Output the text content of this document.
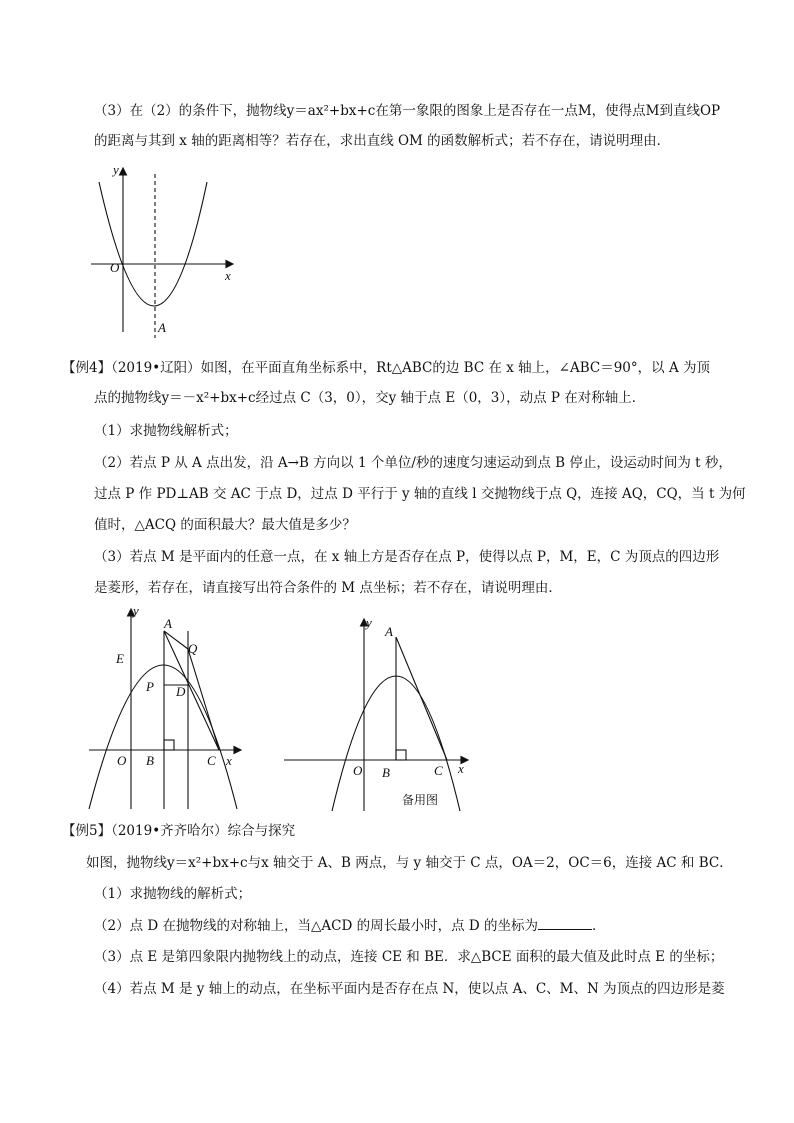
（3）在（2）的条件下，抛物线y＝ax²+bx+c在第一象限的图象上是否存在一点M，使得点M到直线OP
的距离与其到 x 轴的距离相等？若存在，求出直线 OM 的函数解析式；若不存在，请说明理由．
y
x
O
A
【例4】（2019•辽阳）如图，在平面直角坐标系中，Rt△ABC的边 BC 在 x 轴上，∠ABC＝90°，以 A 为顶
点的抛物线y＝－x²+bx+c经过点 C（3，0），交y 轴于点 E（0，3），动点 P 在对称轴上．
（1）求抛物线解析式；
（2）若点 P 从 A 点出发，沿 A→B 方向以 1 个单位/秒的速度匀速运动到点 B 停止，设运动时间为 t 秒，
过点 P 作 PD⊥AB 交 AC 于点 D，过点 D 平行于 y 轴的直线 l 交抛物线于点 Q，连接 AQ，CQ，当 t 为何
值时，△ACQ 的面积最大？最大值是多少？
（3）若点 M 是平面内的任意一点，在 x 轴上方是否存在点 P，使得以点 P，M，E，C 为顶点的四边形
是菱形，若存在，请直接写出符合条件的 M 点坐标；若不存在，请说明理由．
y
A
Q
E
P D
O B	C x
y
A
O B	C x
备用图
【例5】（2019•齐齐哈尔）综合与探究
如图，抛物线y＝x²+bx+c与x 轴交于 A、B 两点，与 y 轴交于 C 点，OA＝2，OC＝6，连接 AC 和 BC．
（1）求抛物线的解析式；
（2）点 D 在抛物线的对称轴上，当△ACD 的周长最小时，点 D 的坐标为	．
（3）点 E 是第四象限内抛物线上的动点，连接 CE 和 BE．求△BCE 面积的最大值及此时点 E 的坐标；
（4）若点 M 是 y 轴上的动点，在坐标平面内是否存在点 N，使以点 A、C、M、N 为顶点的四边形是菱
